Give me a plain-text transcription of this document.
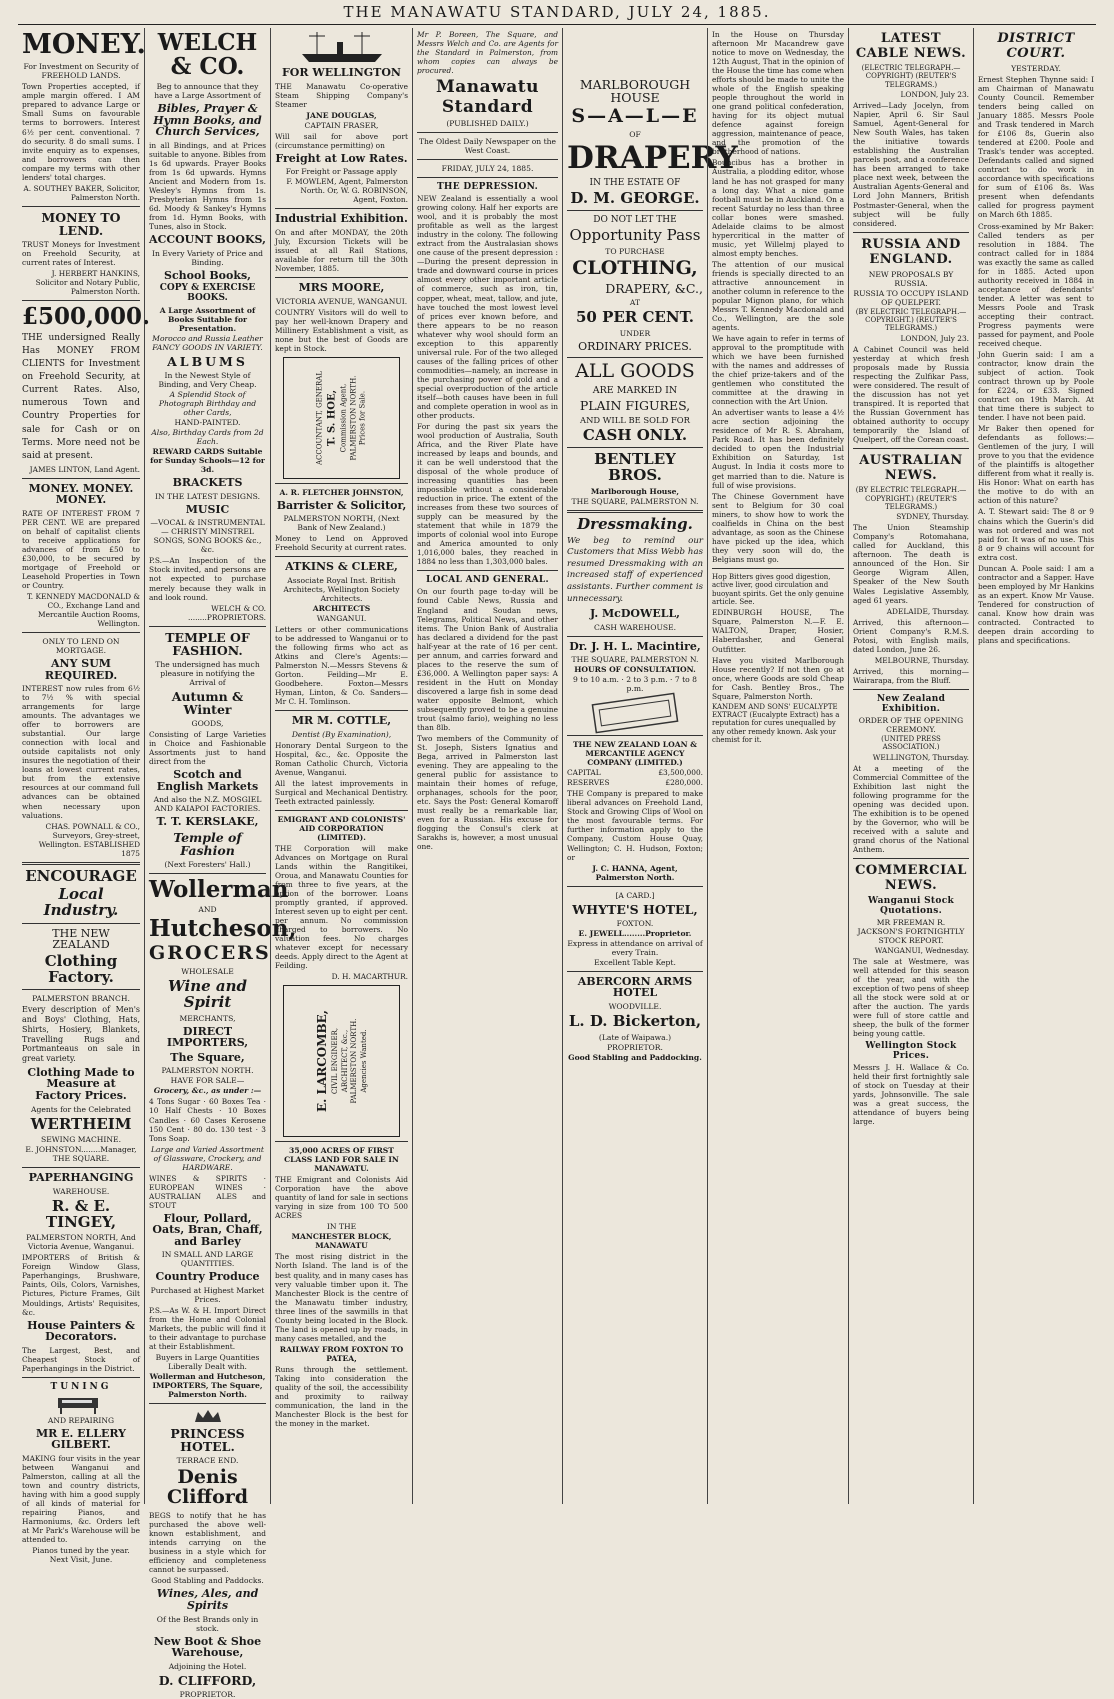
THE MANAWATU STANDARD, JULY 24, 1885.
MONEY.
For Investment on Security of FREEHOLD LANDS.
Town Properties accepted, if ample margin offered. I AM prepared to advance Large or Small Sums on favourable terms to borrowers. Interest 6½ per cent. conventional. 7 do security. 8 do small sums. I invite enquiry as to expenses, and borrowers can then compare my terms with other lenders' total charges.
A. SOUTHEY BAKER, Solicitor, Palmerston North.
MONEY TO LEND.
TRUST Moneys for Investment on Freehold Security, at current rates of Interest.
J. HERBERT HANKINS, Solicitor and Notary Public, Palmerston North.
£500,000.
THE undersigned Really Has MONEY FROM CLIENTS for Investment on Freehold Security, at Current Rates. Also, numerous Town and Country Properties for sale for Cash or on Terms. More need not be said at present.
JAMES LINTON, Land Agent.
MONEY. MONEY. MONEY.
RATE OF INTEREST FROM 7 PER CENT. WE are prepared on behalf of capitalist clients to receive applications for advances of from £50 to £30,000, to be secured by mortgage of Freehold or Leasehold Properties in Town or Country.
T. KENNEDY MACDONALD & CO., Exchange Land and Mercantile Auction Rooms, Wellington.
ONLY TO LEND ON MORTGAGE.
ANY SUM REQUIRED.
INTEREST now rules from 6½ to 7½ % with special arrangements for large amounts. The advantages we offer to borrowers are substantial. Our large connection with local and outside capitalists not only insures the negotiation of their loans at lowest current rates, but from the extensive resources at our command full advances can be obtained when necessary upon valuations.
CHAS. POWNALL & CO., Surveyors, Grey-street, Wellington. ESTABLISHED 1875
ENCOURAGE
Local Industry.
THE NEW ZEALAND
Clothing Factory.
PALMERSTON BRANCH.
Every description of Men's and Boys' Clothing, Hats, Shirts, Hosiery, Blankets, Travelling Rugs and Portmanteaus on sale in great variety.
Clothing Made to Measure at Factory Prices.
Agents for the Celebrated
WERTHEIM
SEWING MACHINE.
E. JOHNSTON........Manager, THE SQUARE.
PAPERHANGING
WAREHOUSE.
R. & E. TINGEY,
PALMERSTON NORTH, And Victoria Avenue, Wanganui.
IMPORTERS of British & Foreign Window Glass, Paperhangings, Brushware, Paints, Oils, Colors, Varnishes, Pictures, Picture Frames, Gilt Mouldings, Artists' Requisites, &c.
House Painters & Decorators.
The Largest, Best, and Cheapest Stock of Paperhangings in the District.
TUNING
AND REPAIRING
MR E. ELLERY GILBERT.
MAKING four visits in the year between Wanganui and Palmerston, calling at all the town and country districts, having with him a good supply of all kinds of material for repairing Pianos, and Harmoniums, &c. Orders left at Mr Park's Warehouse will be attended to.
Pianos tuned by the year. Next Visit, June.
WELCH & CO.
Beg to announce that they have a Large Assortment of
Bibles, Prayer & Hymn Books, and Church Services,
in all Bindings, and at Prices suitable to anyone. Bibles from 1s 6d upwards. Prayer Books from 1s 6d upwards. Hymns Ancient and Modern from 1s. Wesley's Hymns from 1s. Presbyterian Hymns from 1s 6d. Moody & Sankey's Hymns from 1d. Hymn Books, with Tunes, also in Stock.
ACCOUNT BOOKS,
In Every Variety of Price and Binding.
School Books,
COPY & EXERCISE BOOKS.
A Large Assortment of Books Suitable for Presentation.
Morocco and Russia Leather FANCY GOODS IN VARIETY.
ALBUMS
In the Newest Style of Binding, and Very Cheap.
A Splendid Stock of Photograph Birthday and other Cards,
HAND-PAINTED.
Also, Birthday Cards from 2d Each.
REWARD CARDS Suitable for Sunday Schools—12 for 3d.
BRACKETS
IN THE LATEST DESIGNS.
MUSIC
—VOCAL & INSTRUMENTAL— CHRISTY MINSTREL SONGS, SONG BOOKS &c., &c.
P.S.—An Inspection of the Stock invited, and persons are not expected to purchase merely because they walk in and look round.
WELCH & CO. ........PROPRIETORS.
TEMPLE OF FASHION.
The undersigned has much pleasure in notifying the Arrival of
Autumn & Winter
GOODS,
Consisting of Large Varieties in Choice and Fashionable Assortments just to hand direct from the
Scotch and English Markets
And also the N.Z. MOSGIEL AND KAIAPOI FACTORIES.
T. T. KERSLAKE,
Temple of Fashion
(Next Foresters' Hall.)
Wollerman
AND
Hutcheson,
GROCERS
WHOLESALE
Wine and Spirit
MERCHANTS,
DIRECT IMPORTERS,
The Square,
PALMERSTON NORTH.
HAVE FOR SALE—
Grocery, &c., as under :—
4 Tons Sugar · 60 Boxes Tea · 10 Half Chests · 10 Boxes Candles · 60 Cases Kerosene 150 Cent · 80 do. 130 test · 3 Tons Soap.
Large and Varied Assortment of Glassware, Crockery, and HARDWARE.
WINES & SPIRITS · EUROPEAN WINES · AUSTRALIAN ALES and STOUT
Flour, Pollard, Oats, Bran, Chaff, and Barley
IN SMALL AND LARGE QUANTITIES.
Country Produce
Purchased at Highest Market Prices.
P.S.—As W. & H. Import Direct from the Home and Colonial Markets, the public will find it to their advantage to purchase at their Establishment.
Buyers in Large Quantities Liberally Dealt with.
Wollerman and Hutcheson, IMPORTERS, The Square, Palmerston North.
PRINCESS HOTEL.
TERRACE END.
Denis Clifford
BEGS to notify that he has purchased the above well-known establishment, and intends carrying on the business in a style which for efficiency and completeness cannot be surpassed.
Good Stabling and Paddocks.
Wines, Ales, and Spirits
Of the Best Brands only in stock.
New Boot & Shoe Warehouse,
Adjoining the Hotel.
D. CLIFFORD,
PROPRIETOR.
FOR WELLINGTON
THE Manawatu Co-operative Steam Shipping Company's Steamer
JANE DOUGLAS,
CAPTAIN FRASER,
Will sail for above port (circumstance permitting) on
Freight at Low Rates.
For Freight or Passage apply
F. MOWLEM, Agent, Palmerston North. Or, W. G. ROBINSON, Agent, Foxton.
Industrial Exhibition.
On and after MONDAY, the 20th July, Excursion Tickets will be issued at all Rail Stations, available for return till the 30th November, 1885.
MRS MOORE,
VICTORIA AVENUE, WANGANUI.
COUNTRY Visitors will do well to pay her well-known Drapery and Millinery Establishment a visit, as none but the best of Goods are kept in Stock.
ACCOUNTANT, GENERAL T. S. HOE, Commission Agent, PALMERSTON NORTH. Prices for Sale.
A. R. FLETCHER JOHNSTON,
Barrister & Solicitor,
PALMERSTON NORTH, (Next Bank of New Zealand.)
Money to Lend on Approved Freehold Security at current rates.
ATKINS & CLERE,
Associate Royal Inst. British Architects, Wellington Society Architects.
ARCHITECTS
WANGANUI.
Letters or other communications to be addressed to Wanganui or to the following firms who act as Atkins and Clere's Agents:—Palmerston N.—Messrs Stevens & Gorton. Feilding—Mr E. Goodbehere. Foxton—Messrs Hyman, Linton, & Co. Sanders—Mr C. H. Tomlinson.
MR M. COTTLE,
Dentist (By Examination),
Honorary Dental Surgeon to the Hospital, &c., &c. Opposite the Roman Catholic Church, Victoria Avenue, Wanganui.
All the latest improvements in Surgical and Mechanical Dentistry. Teeth extracted painlessly.
EMIGRANT AND COLONISTS' AID CORPORATION (LIMITED).
THE Corporation will make Advances on Mortgage on Rural Lands within the Rangitikei, Oroua, and Manawatu Counties for from three to five years, at the option of the borrower. Loans promptly granted, if approved. Interest seven up to eight per cent. per annum. No commission charged to borrowers. No valuation fees. No charges whatever except for necessary deeds. Apply direct to the Agent at Feilding.
D. H. MACARTHUR.
E. LARCOMBE, CIVIL ENGINEER, ARCHITECT, &c., PALMERSTON NORTH. Agencies Wanted.
35,000 ACRES OF FIRST CLASS LAND FOR SALE IN MANAWATU.
THE Emigrant and Colonists Aid Corporation have the above quantity of land for sale in sections varying in size from 100 TO 500 ACRES
IN THE
MANCHESTER BLOCK, MANAWATU
The most rising district in the North Island. The land is of the best quality, and in many cases has very valuable timber upon it. The Manchester Block is the centre of the Manawatu timber industry, three lines of the sawmills in that County being located in the Block. The land is opened up by roads, in many cases metalled, and the
RAILWAY FROM FOXTON TO PATEA,
Runs through the settlement. Taking into consideration the quality of the soil, the accessibility and proximity to railway communication, the land in the Manchester Block is the best for the money in the market.
Mr P. Boreen, The Square, and Messrs Welch and Co. are Agents for the Standard in Palmerston, from whom copies can always be procured.
Manawatu Standard
(PUBLISHED DAILY.)
The Oldest Daily Newspaper on the West Coast.
FRIDAY, JULY 24, 1885.
THE DEPRESSION.
NEW Zealand is essentially a wool growing colony. Half her exports are wool, and it is probably the most profitable as well as the largest industry in the colony. The following extract from the Australasian shows one cause of the present depression :—During the present depression in trade and downward course in prices almost every other important article of commerce, such as iron, tin, copper, wheat, meat, tallow, and jute, have touched the most lowest level of prices ever known before, and there appears to be no reason whatever why wool should form an exception to this apparently universal rule. For of the two alleged causes of the falling prices of other commodities—namely, an increase in the purchasing power of gold and a special overproduction of the article itself—both causes have been in full and complete operation in wool as in other products.
For during the past six years the wool production of Australia, South Africa, and the River Plate have increased by leaps and bounds, and it can be well understood that the disposal of the whole produce of increasing quantities has been impossible without a considerable reduction in price. The extent of the increases from these two sources of supply can be measured by the statement that while in 1879 the imports of colonial wool into Europe and America amounted to only 1,016,000 bales, they reached in 1884 no less than 1,303,000 bales.
LOCAL AND GENERAL.
On our fourth page to-day will be found Cable News, Russia and England and Soudan news, Telegrams, Political News, and other items. The Union Bank of Australia has declared a dividend for the past half-year at the rate of 16 per cent. per annum, and carries forward and places to the reserve the sum of £36,000. A Wellington paper says: A resident in the Hutt on Monday discovered a large fish in some dead water opposite Belmont, which subsequently proved to be a genuine trout (salmo fario), weighing no less than 8lb.
Two members of the Community of St. Joseph, Sisters Ignatius and Bega, arrived in Palmerston last evening. They are appealing to the general public for assistance to maintain their homes of refuge, orphanages, schools for the poor, etc. Says the Post: General Komaroff must really be a remarkable liar, even for a Russian. His excuse for flogging the Consul's clerk at Sarakhs is, however, a most unusual one.
MARLBOROUGH HOUSE
S—A—L—E
OF
DRAPERY
IN THE ESTATE OF
D. M. GEORGE.
DO NOT LET THE
Opportunity Pass
TO PURCHASE
CLOTHING,
DRAPERY, &C.,
AT
50 PER CENT.
UNDER
ORDINARY PRICES.
ALL GOODS
ARE MARKED IN
PLAIN FIGURES,
AND WILL BE SOLD FOR
CASH ONLY.
BENTLEY BROS.
Marlborough House,
THE SQUARE, PALMERSTON N.
Dressmaking.
We beg to remind our Customers that Miss Webb has resumed Dressmaking with an increased staff of experienced assistants. Further comment is unnecessary.
J. McDOWELL,
CASH WAREHOUSE.
Dr. J. H. L. Macintire,
THE SQUARE, PALMERSTON N.
HOURS OF CONSULTATION.
9 to 10 a.m. · 2 to 3 p.m. · 7 to 8 p.m.
THE NEW ZEALAND LOAN & MERCANTILE AGENCY COMPANY (LIMITED.)
CAPITAL	£3,500,000.
RESERVES	£280,000.
THE Company is prepared to make liberal advances on Freehold Land, Stock and Growing Clips of Wool on the most favourable terms. For further information apply to the Company, Custom House Quay, Wellington; C. H. Hudson, Foxton; or
J. C. HANNA, Agent, Palmerston North.
[A CARD.]
WHYTE'S HOTEL,
FOXTON.
E. JEWELL........Proprietor.
Express in attendance on arrival of every Train.
Excellent Table Kept.
ABERCORN ARMS HOTEL
WOODVILLE.
L. D. Bickerton,
(Late of Waipawa.)
PROPRIETOR.
Good Stabling and Paddocking.
In the House on Thursday afternoon Mr Macandrew gave notice to move on Wednesday, the 12th August, That in the opinion of the House the time has come when efforts should be made to unite the whole of the English speaking people throughout the world in one grand political confederation, having for its object mutual defence against foreign aggression, maintenance of peace, and the promotion of the brotherhood of nations.
Bouncibus has a brother in Australia, a plodding editor, whose land he has not grasped for many a long day. What a nice game football must be in Auckland. On a recent Saturday no less than three collar bones were smashed. Adelaide claims to be almost hypercritical in the matter of music, yet Willelmj played to almost empty benches.
The attention of our musical friends is specially directed to an attractive announcement in another column in reference to the popular Mignon plano, for which Messrs T. Kennedy Macdonald and Co., Wellington, are the sole agents.
We have again to refer in terms of approval to the promptitude with which we have been furnished with the names and addresses of the chief prize-takers and of the gentlemen who constituted the committee at the drawing in connection with the Art Union.
An advertiser wants to lease a 4½ acre section adjoining the residence of Mr R. S. Abraham, Park Road. It has been definitely decided to open the Industrial Exhibition on Saturday, 1st August. In India it costs more to get married than to die. Nature is full of wise provisions.
The Chinese Government have sent to Belgium for 30 coal miners, to show how to work the coalfields in China on the best advantage, as soon as the Chinese have picked up the idea, which they very soon will do, the Belgians must go.
Hop Bitters gives good digestion, active liver, good circulation and buoyant spirits. Get the only genuine article. See.
EDINBURGH HOUSE, The Square, Palmerston N.—F. E. WALTON, Draper, Hosier, Haberdasher, and General Outfitter.
Have you visited Marlborough House recently? If not then go at once, where Goods are sold Cheap for Cash. Bentley Bros., The Square, Palmerston North.
KANDEM AND SONS' EUCALYPTE EXTRACT (Eucalypte Extract) has a reputation for cures unequalled by any other remedy known. Ask your chemist for it.
LATEST CABLE NEWS.
(ELECTRIC TELEGRAPH.—COPYRIGHT) (REUTER'S TELEGRAMS.)
LONDON, July 23.
Arrived—Lady Jocelyn, from Napier, April 6. Sir Saul Samuel, Agent-General for New South Wales, has taken the initiative towards establishing the Australian parcels post, and a conference has been arranged to take place next week, between the Australian Agents-General and Lord John Manners, British Postmaster-General, when the subject will be fully considered.
RUSSIA AND ENGLAND.
NEW PROPOSALS BY RUSSIA.
RUSSIA TO OCCUPY ISLAND OF QUELPERT.
(BY ELECTRIC TELEGRAPH.—COPYRIGHT.) (REUTER'S TELEGRAMS.)
LONDON, July 23.
A Cabinet Council was held yesterday at which fresh proposals made by Russia respecting the Zulfikar Pass, were considered. The result of the discussion has not yet transpired. It is reported that the Russian Government has obtained authority to occupy temporarily the Island of Quelpert, off the Corean coast.
AUSTRALIAN NEWS.
(BY ELECTRIC TELEGRAPH.—COPYRIGHT.) (REUTER'S TELEGRAMS.)
SYDNEY, Thursday.
The Union Steamship Company's Rotomahana, called for Auckland, this afternoon. The death is announced of the Hon. Sir George Wigram Allen, Speaker of the New South Wales Legislative Assembly, aged 61 years.
ADELAIDE, Thursday.
Arrived, this afternoon—Orient Company's R.M.S. Potosi, with English mails, dated London, June 26.
MELBOURNE, Thursday.
Arrived, this morning—Wairarapa, from the Bluff.
New Zealand Exhibition.
ORDER OF THE OPENING CEREMONY.
(UNITED PRESS ASSOCIATION.)
WELLINGTON, Thursday.
At a meeting of the Commercial Committee of the Exhibition last night the following programme for the opening was decided upon. The exhibition is to be opened by the Governor, who will be received with a salute and grand chorus of the National Anthem.
COMMERCIAL NEWS.
Wanganui Stock Quotations.
MR FREEMAN R. JACKSON'S FORTNIGHTLY STOCK REPORT.
WANGANUI, Wednesday.
The sale at Westmere, was well attended for this season of the year, and with the exception of two pens of sheep all the stock were sold at or after the auction. The yards were full of store cattle and sheep, the bulk of the former being young cattle.
Wellington Stock Prices.
Messrs J. H. Wallace & Co. held their first fortnightly sale of stock on Tuesday at their yards, Johnsonville. The sale was a great success, the attendance of buyers being large.
DISTRICT COURT.
YESTERDAY.
Ernest Stephen Thynne said: I am Chairman of Manawatu County Council. Remember tenders being called on January 1885. Messrs Poole and Trask tendered in March for £106 8s, Guerin also tendered at £200. Poole and Trask's tender was accepted. Defendants called and signed contract to do work in accordance with specifications for sum of £106 8s. Was present when defendants called for progress payment on March 6th 1885.
Cross-examined by Mr Baker: Called tenders as per resolution in 1884. The contract called for in 1884 was exactly the same as called for in 1885. Acted upon authority received in 1884 in acceptance of defendants' tender. A letter was sent to Messrs Poole and Trask accepting their contract. Progress payments were passed for payment, and Poole received cheque.
John Guerin said: I am a contractor, know drain the subject of action. Took contract thrown up by Poole for £224, or £33. Signed contract on 19th March. At that time there is subject to tender. I have not been paid.
Mr Baker then opened for defendants as follows:—Gentlemen of the jury, I will prove to you that the evidence of the plaintiffs is altogether different from what it really is. His Honor: What on earth has the motive to do with an action of this nature?
A. T. Stewart said: The 8 or 9 chains which the Guerin's did was not ordered and was not paid for. It was of no use. This 8 or 9 chains will account for extra cost.
Duncan A. Poole said: I am a contractor and a Sapper. Have been employed by Mr Hankins as an expert. Know Mr Vause. Tendered for construction of canal. Know how drain was contracted. Contracted to deepen drain according to plans and specifications.
